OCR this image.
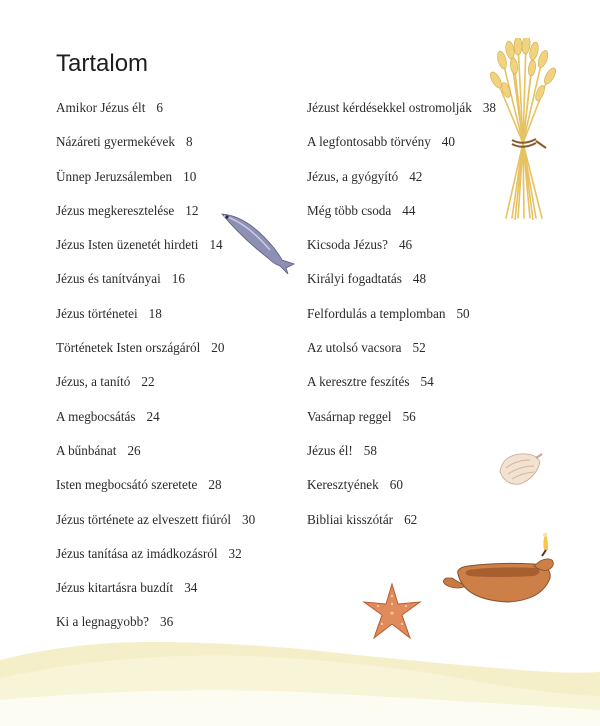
Tartalom
Amikor Jézus élt 6
Názáreti gyermekévek 8
Ünnep Jeruzsálemben 10
Jézus megkeresztelése 12
Jézus Isten üzenetét hirdeti 14
Jézus és tanítványai 16
Jézus történetei 18
Történetek Isten országáról 20
Jézus, a tanító 22
A megbocsátás 24
A bűnbánat 26
Isten megbocsátó szeretete 28
Jézus története az elveszett fiúról 30
Jézus tanítása az imádkozásról 32
Jézus kitartásra buzdít 34
Ki a legnagyobb? 36
Jézust kérdésekkel ostromolják 38
A legfontosabb törvény 40
Jézus, a gyógyító 42
Még több csoda 44
Kicsoda Jézus? 46
Királyi fogadtatás 48
Felfordulás a templomban 50
Az utolsó vacsora 52
A keresztre feszítés 54
Vasárnap reggel 56
Jézus él! 58
Keresztyének 60
Bibliai kisszótár 62
